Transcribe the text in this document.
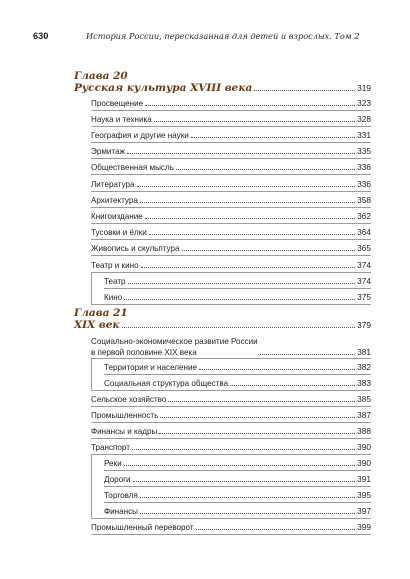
630	История России, пересказанная для детей и взрослых. Том 2
Глава 20
Русская культура XVIII века	319
Просвещение	323
Наука и техника	328
География и другие науки	331
Эрмитаж	335
Общественная мысль	336
Литература	336
Архитектура	358
Книгоиздание	362
Тусовки и ёлки	364
Живопись и скульптура	365
Театр и кино	374
Театр	374
Кино	375
Глава 21
XIX век	379
Социально-экономическое развитие России
в первой половине XIX века	381
Территория и население	382
Социальная структура общества	383
Сельское хозяйство	385
Промышленность	387
Финансы и кадры	388
Транспорт	390
Реки	390
Дороги	391
Торговля	395
Финансы	397
Промышленный переворот	399
